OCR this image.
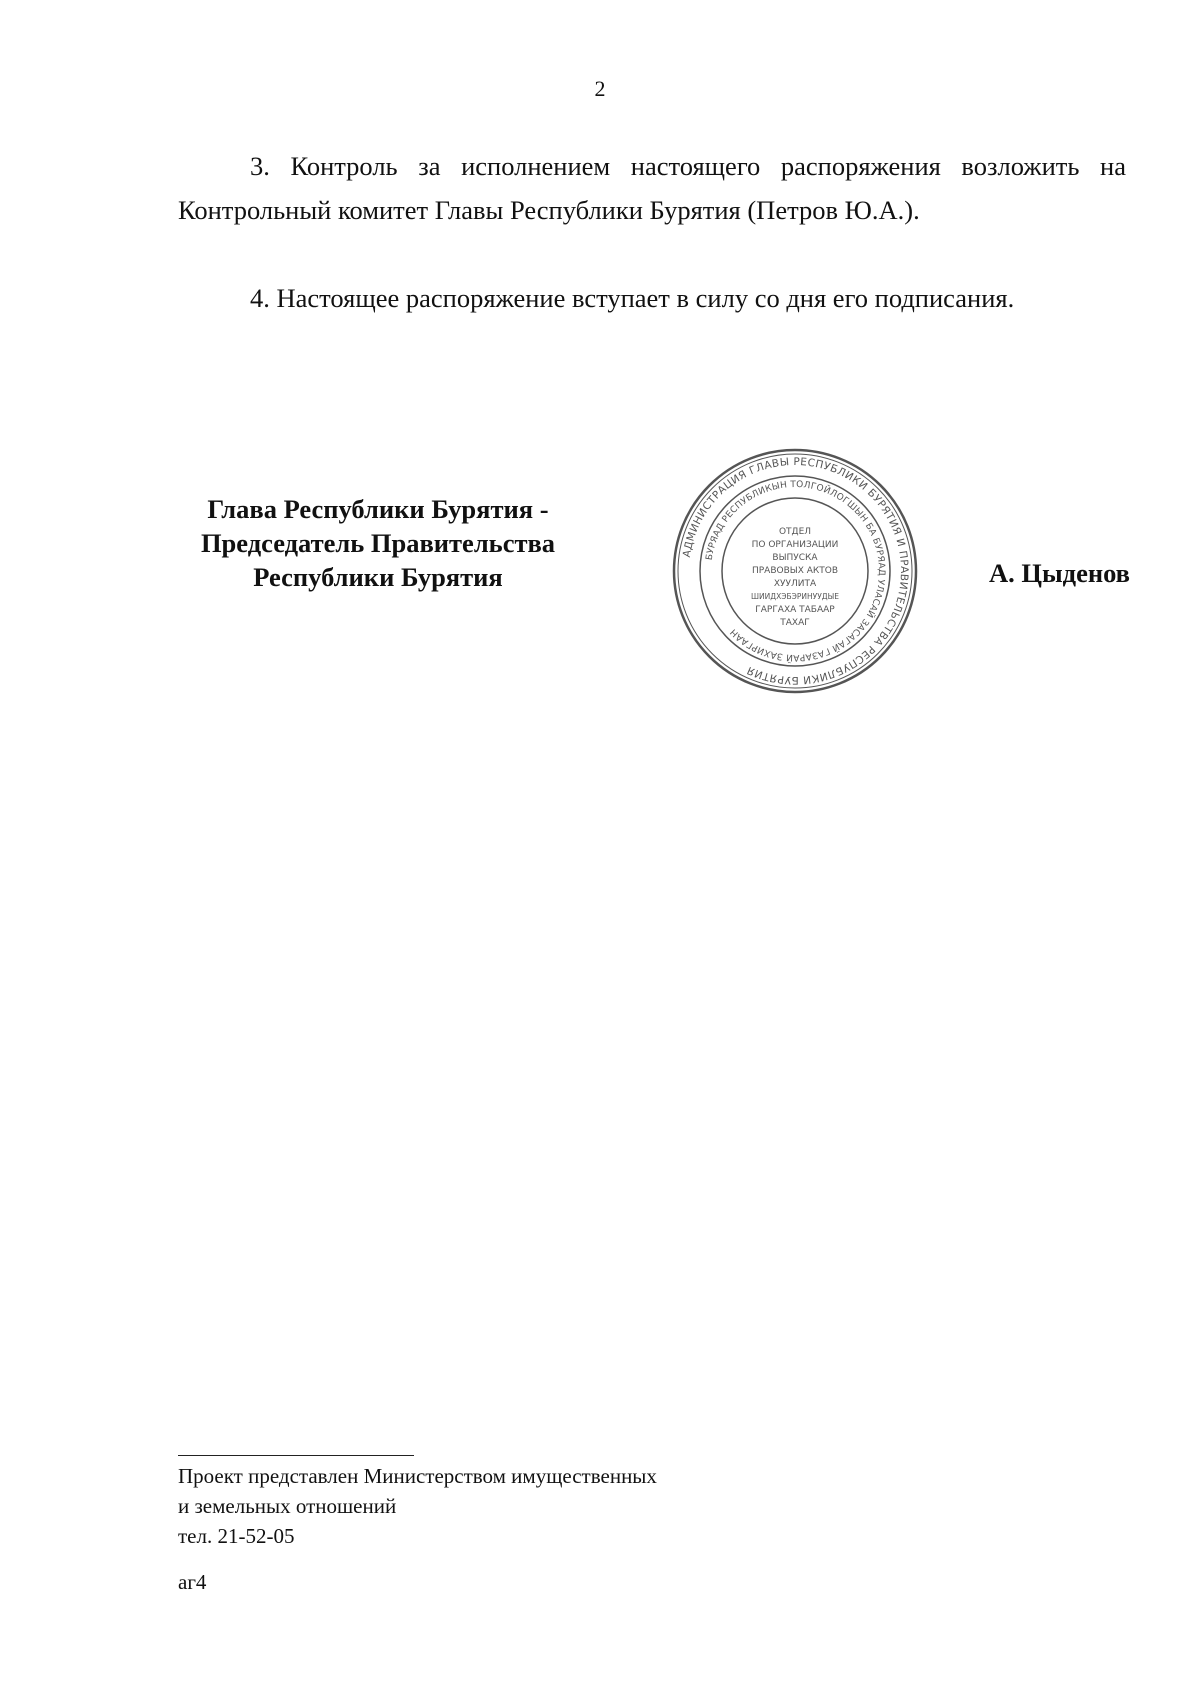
2

3. Контроль за исполнением настоящего распоряжения возложить на Контрольный комитет Главы Республики Бурятия (Петров Ю.А.).

4. Настоящее распоряжение вступает в силу со дня его подписания.

Глава Республики Бурятия -
Председатель Правительства
Республики Бурятия
АДМИНИСТРАЦИЯ ГЛАВЫ РЕСПУБЛИКИ БУРЯТИЯ И ПРАВИТЕЛЬСТВА РЕСПУБЛИКИ БУРЯТИЯ
БУРЯАД РЕСПУБЛИКЫН ТОЛГОЙЛОГШЫН БА БУРЯАД УЛАСАЙ ЗАСАГАЙ ГАЗАРАЙ ЗАХИРГААН
ОТДЕЛ
ПО ОРГАНИЗАЦИИ
ВЫПУСКА
ПРАВОВЫХ АКТОВ
ХУУЛИТА
ШИИДХЭБЭРИНУУДЫЕ
ГАРГАХА ТАБААР
ТАХАГ
А. Цыденов
Проект представлен Министерством имущественных
и земельных отношений
тел. 21-52-05
аг4
